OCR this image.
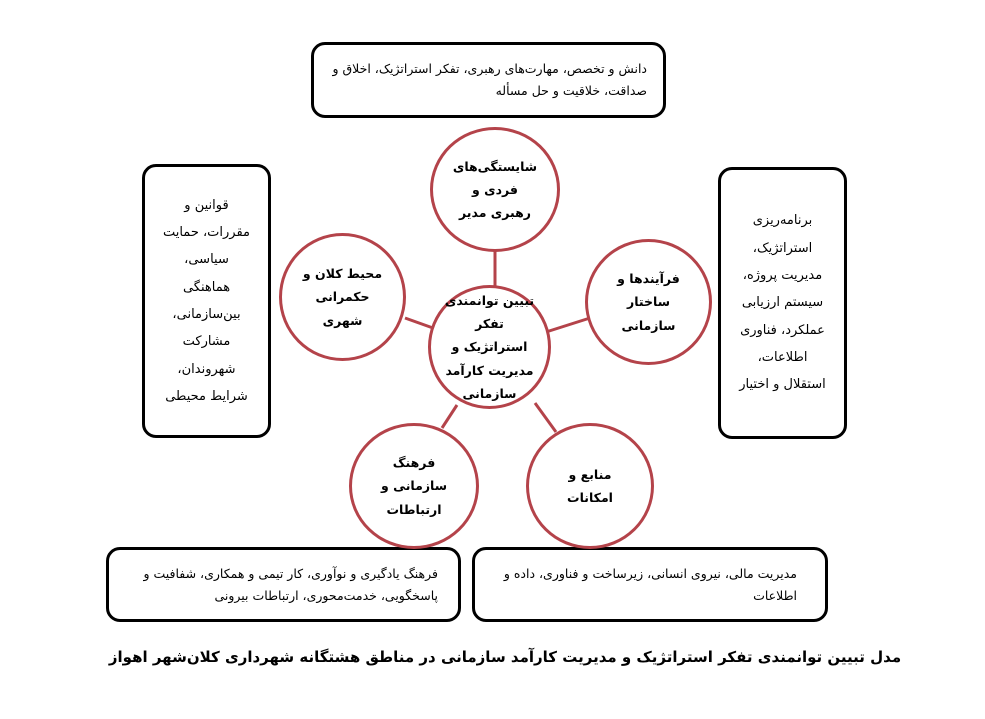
دانش و تخصص، مهارت‌های رهبری، تفکر استراتژیک، اخلاق و صداقت، خلاقیت و حل مسأله
قوانین و مقررات، حمایت سیاسی، هماهنگی بین‌سازمانی، مشارکت شهروندان، شرایط محیطی
برنامه‌ریزی استراتژیک، مدیریت پروژه، سیستم ارزیابی عملکرد، فناوری اطلاعات، استقلال و اختیار
فرهنگ یادگیری و نوآوری، کار تیمی و همکاری، شفافیت و پاسخگویی، خدمت‌محوری، ارتباطات بیرونی
مدیریت مالی، نیروی انسانی، زیرساخت و فناوری، داده و اطلاعات
شایستگی‌های فردی و رهبری مدیر
فرآیندها و ساختار سازمانی
محیط کلان و حکمرانی شهری
تبیین توانمندی تفکر استراتژیک و مدیریت کارآمد سازمانی
فرهنگ سازمانی و ارتباطات
منابع و امکانات
مدل تبیین توانمندی تفکر استراتژیک و مدیریت کارآمد سازمانی در مناطق هشتگانه شهرداری کلان‌شهر اهواز
